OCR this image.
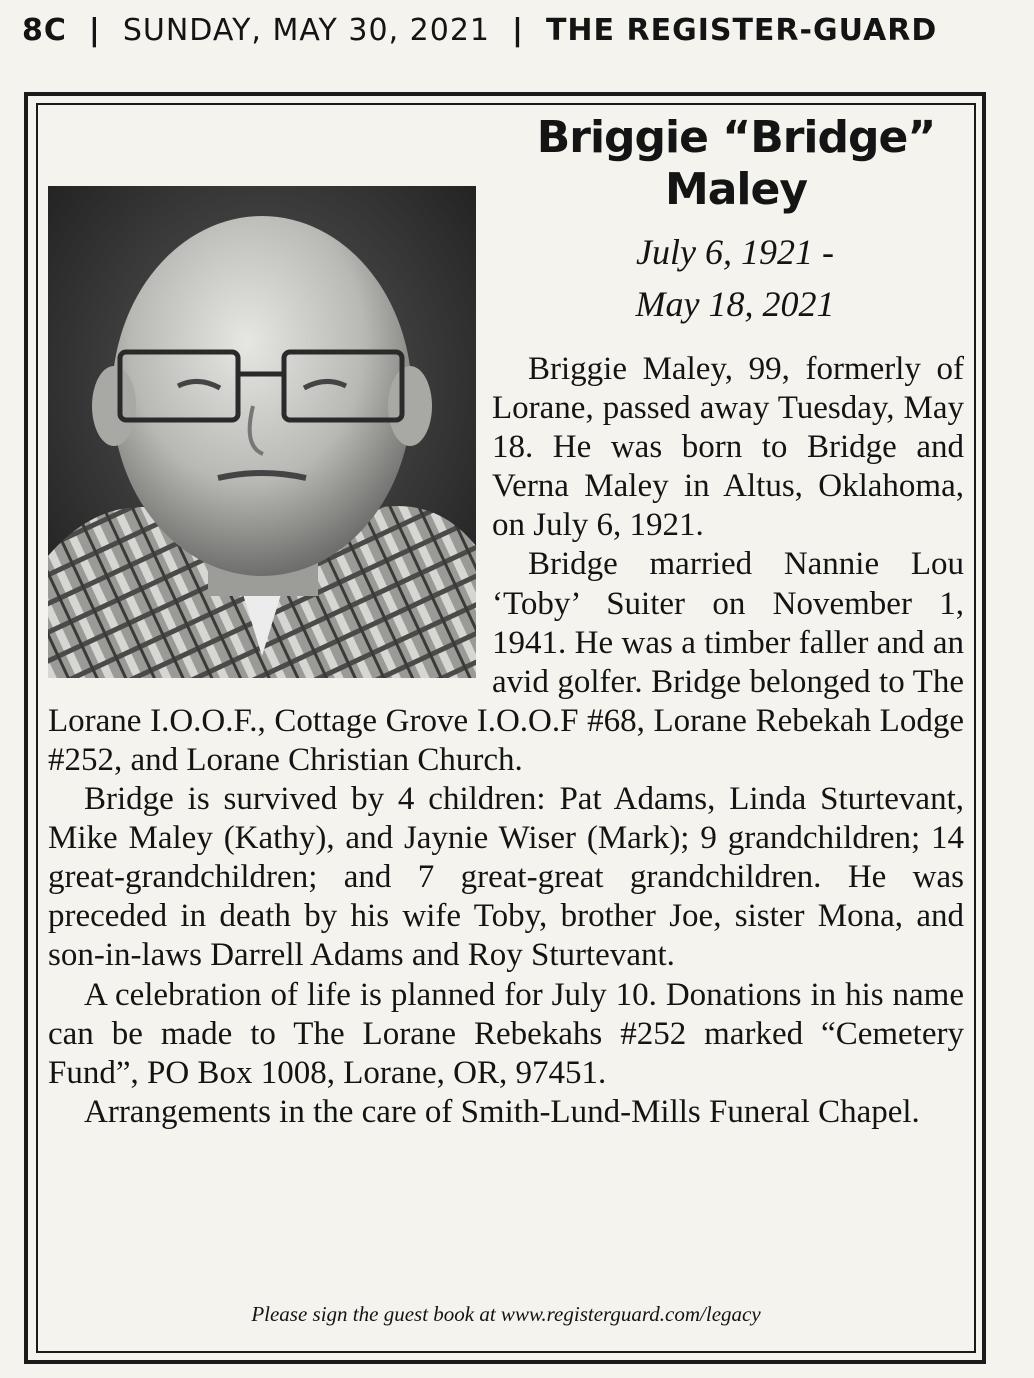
8C | SUNDAY, MAY 30, 2021 | THE REGISTER-GUARD
Briggie “Bridge”
Maley
July 6, 1921 -
May 18, 2021

Briggie Maley, 99, formerly of Lorane, passed away Tuesday, May 18. He was born to Bridge and Verna Maley in Altus, Oklahoma, on July 6, 1921.

Bridge married Nannie Lou ‘Toby’ Suiter on November 1, 1941. He was a timber faller and an avid golfer. Bridge belonged to The Lorane I.O.O.F., Cottage Grove I.O.O.F #68, Lorane Rebekah Lodge #252, and Lorane Christian Church.

Bridge is survived by 4 children: Pat Adams, Linda Sturtevant, Mike Maley (Kathy), and Jaynie Wiser (Mark); 9 grandchildren; 14 great-grandchildren; and 7 great-great grandchildren. He was preceded in death by his wife Toby, brother Joe, sister Mona, and son-in-laws Darrell Adams and Roy Sturtevant.

A celebration of life is planned for July 10. Donations in his name can be made to The Lorane Rebekahs #252 marked “Cemetery Fund”, PO Box 1008, Lorane, OR, 97451.

Arrangements in the care of Smith-Lund-Mills Funeral Chapel.

Please sign the guest book at www.registerguard.com/legacy
